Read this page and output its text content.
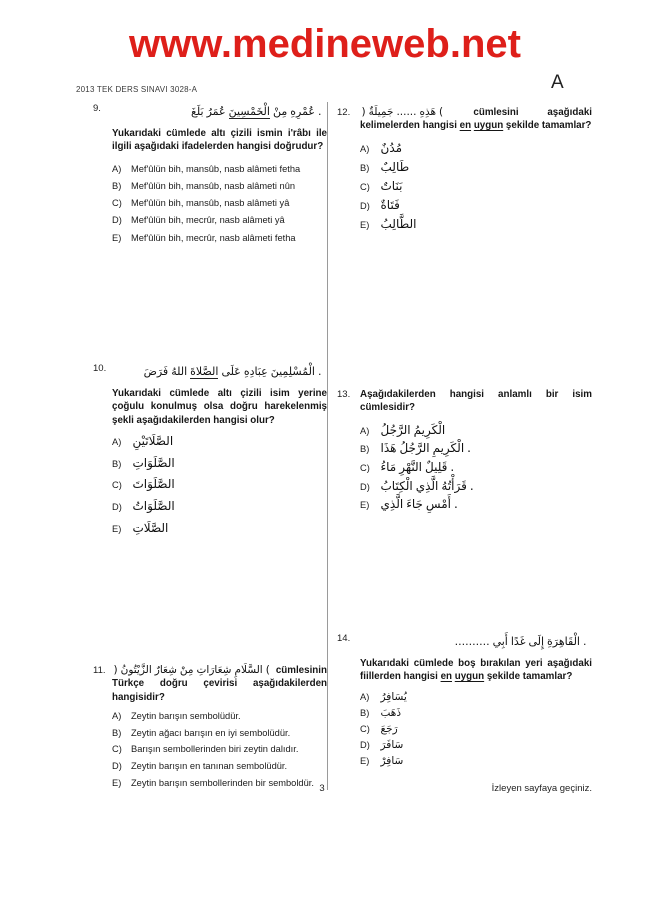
www.medineweb.net
2013 TEK DERS SINAVI 3028-A	A
9.	بَلَغَ عُمَرُ الْخَمْسِينَ مِنْ عُمْرِهِ .
Yukarıdaki cümlede altı çizili ismin i'râbı ile ilgili aşağıdaki ifadelerden hangisi doğrudur?
A)	Mef'ûlün bih, mansûb, nasb alâmeti fetha
B)	Mef'ûlün bih, mansûb, nasb alâmeti nûn
C) Mef'ûlün bih, mansûb, nasb alâmeti yâ
D) Mef'ûlün bih, mecrûr, nasb alâmeti yâ
E)	Mef'ûlün bih, mecrûr, nasb alâmeti fetha
10.	فَرَضَ اللهُ الصَّلاةَ عَلَى عِبَادِهِ الْمُسْلِمِينَ .
Yukarıdaki cümlede altı çizili isim yerine çoğulu konulmuş olsa doğru harekelenmiş şekli aşağıdakilerden hangisi olur?
A) الصَّلَاتَيْنِ
B) الصَّلَوَاتِ
C) الصَّلَوَاتَ
D) الصَّلَوَاتُ
E) الصَّلَاتِ
11. ( الزَّيْتُونُ شِعَارٌ مِنْ شِعَارَاتِ السَّلَامِ ) cümlesinin Türkçe doğru çevirisi aşağıdakilerden hangisidir?
A)	Zeytin barışın sembolüdür.
B)	Zeytin ağacı barışın en iyi sembolüdür.
C) Barışın sembollerinden biri zeytin dalıdır.
D) Zeytin barışın en tanınan sembolüdür.
E)	Zeytin barışın sembollerinden bir semboldür.
12. ( جَمِيلَةٌ ...... هَذِهِ ) cümlesini aşağıdaki kelimelerden hangisi en uygun şekilde tamamlar?
A) مُدُنٌ
B) طَالِبٌ
C) بَنَاتٌ
D) فَتَاةٌ
E) الطَّالِبُ
13. Aşağıdakilerden hangisi anlamlı bir isim cümlesidir?
A) الرَّجُلُ الْكَرِيمُ
B) هَذَا الرَّجُلُ الْكَرِيمِ .
C) مَاءُ النَّهْرِ قَلِيلٌ .
D) الْكِتَابُ الَّذِي قَرَأْتُهُ .
E) الَّذِي جَاءَ أَمْسِ .
14.	.......... أَبِي غَدًا إِلَى الْقَاهِرَةِ .
Yukarıdaki cümlede boş bırakılan yeri aşağıdaki fiillerden hangisi en uygun şekilde tamamlar?
A)	يُسَافِرُ
B)	ذَهَبَ
C)	رَجَعَ
D)	سَافَرَ
E)	سَافِرْ
3	İzleyen sayfaya geçiniz.
